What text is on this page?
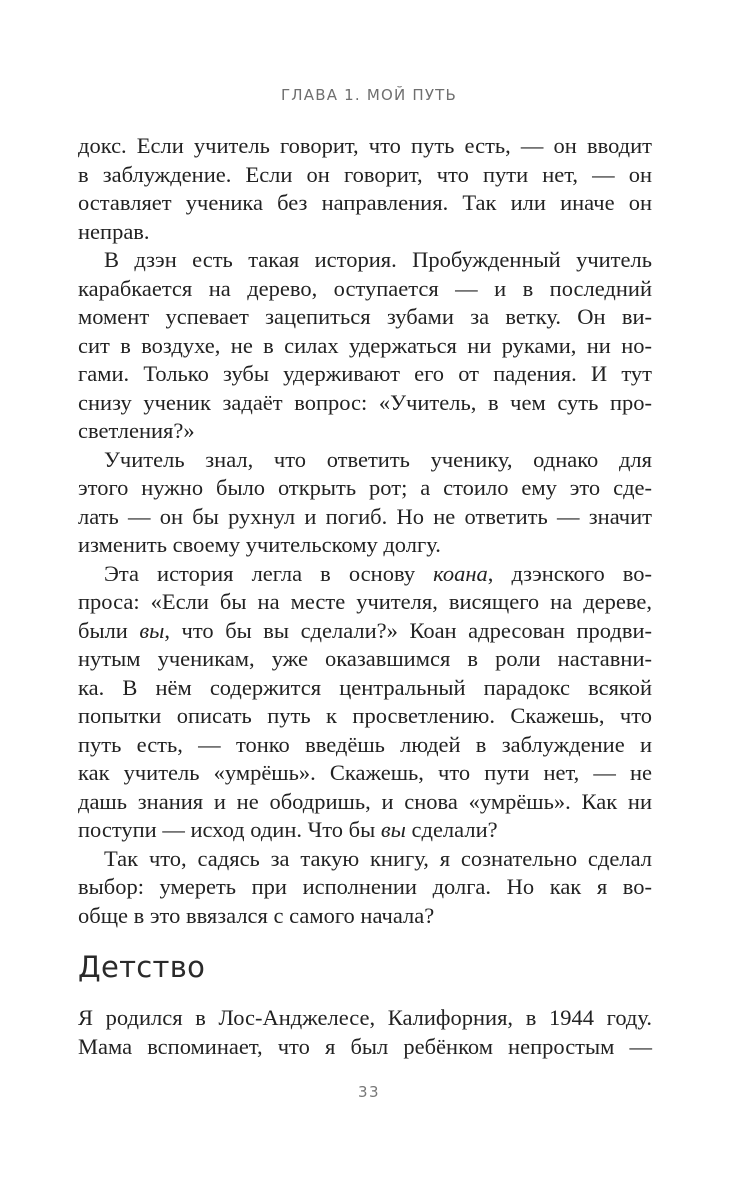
ГЛАВА 1. МОЙ ПУТЬ
докс. Если учитель говорит, что путь есть, — он вводит
в заблуждение. Если он говорит, что пути нет, — он
оставляет ученика без направления. Так или иначе он
неправ.
В дзэн есть такая история. Пробужденный учитель
карабкается на дерево, оступается — и в последний
момент успевает зацепиться зубами за ветку. Он ви-
сит в воздухе, не в силах удержаться ни руками, ни но-
гами. Только зубы удерживают его от падения. И тут
снизу ученик задаёт вопрос: «Учитель, в чем суть про-
светления?»
Учитель знал, что ответить ученику, однако для
этого нужно было открыть рот; а стоило ему это сде-
лать — он бы рухнул и погиб. Но не ответить — значит
изменить своему учительскому долгу.
Эта история легла в основу коана, дзэнского во-
проса: «Если бы на месте учителя, висящего на дереве,
были вы, что бы вы сделали?» Коан адресован продви-
нутым ученикам, уже оказавшимся в роли наставни-
ка. В нём содержится центральный парадокс всякой
попытки описать путь к просветлению. Скажешь, что
путь есть, — тонко введёшь людей в заблуждение и
как учитель «умрёшь». Скажешь, что пути нет, — не
дашь знания и не ободришь, и снова «умрёшь». Как ни
поступи — исход один. Что бы вы сделали?
Так что, садясь за такую книгу, я сознательно сделал
выбор: умереть при исполнении долга. Но как я во-
обще в это ввязался с самого начала?
Детство
Я родился в Лос-Анджелесе, Калифорния, в 1944 году.
Мама вспоминает, что я был ребёнком непростым —
33
